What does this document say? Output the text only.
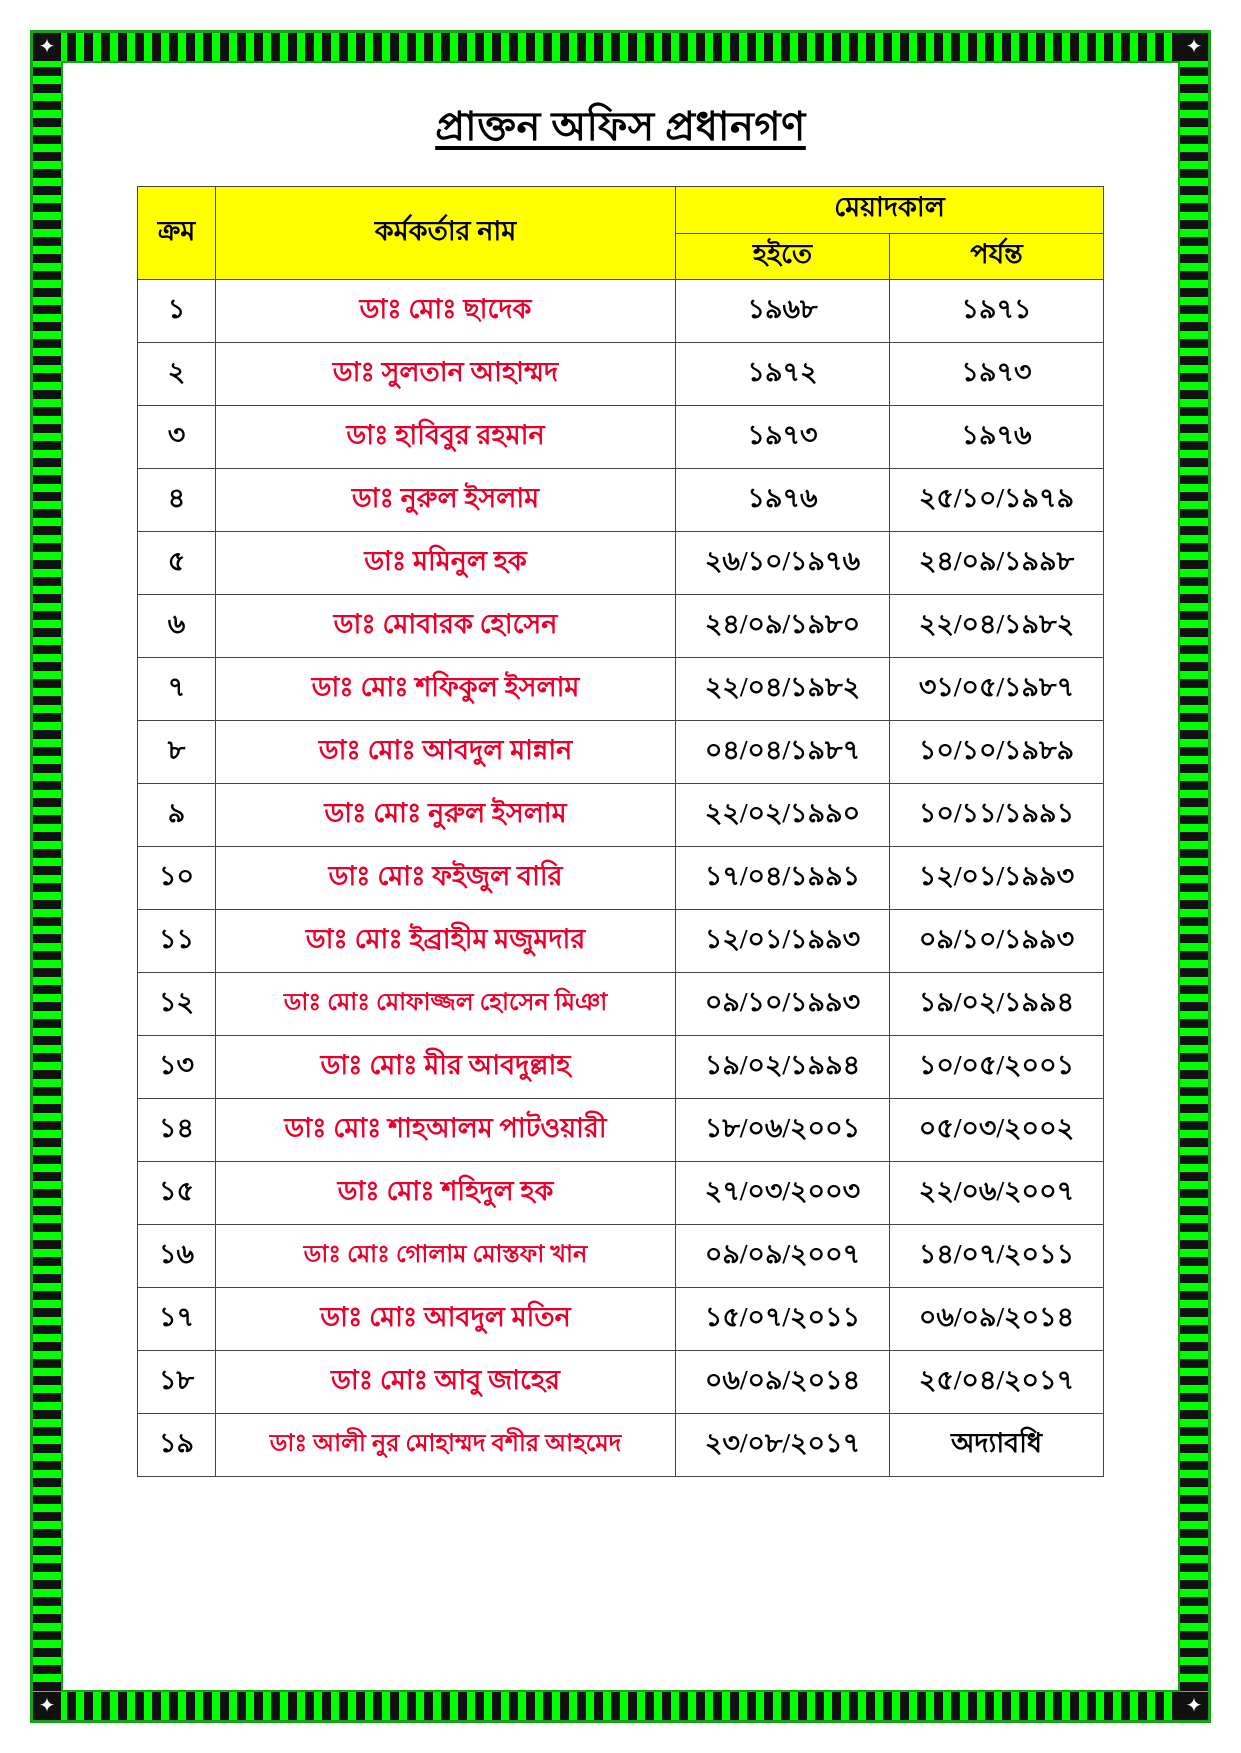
✦	✦
✦	✦
প্রাক্তন অফিস প্রধানগণ
ক্রম	কর্মকর্তার নাম	মেয়াদকাল	
		হইতে	পর্যন্ত
১	ডাঃ মোঃ ছাদেক	১৯৬৮	১৯৭১
২	ডাঃ সুলতান আহাম্মদ	১৯৭২	১৯৭৩
৩	ডাঃ হাবিবুর রহমান	১৯৭৩	১৯৭৬
৪	ডাঃ নুরুল ইসলাম	১৯৭৬	২৫/১০/১৯৭৯
৫	ডাঃ মমিনুল হক	২৬/১০/১৯৭৬	২৪/০৯/১৯৯৮
৬	ডাঃ মোবারক হোসেন	২৪/০৯/১৯৮০	২২/০৪/১৯৮২
৭	ডাঃ মোঃ শফিকুল ইসলাম	২২/০৪/১৯৮২	৩১/০৫/১৯৮৭
৮	ডাঃ মোঃ আবদুল মান্নান	০৪/০৪/১৯৮৭	১০/১০/১৯৮৯
৯	ডাঃ মোঃ নুরুল ইসলাম	২২/০২/১৯৯০	১০/১১/১৯৯১
১০	ডাঃ মোঃ ফইজুল বারি	১৭/০৪/১৯৯১	১২/০১/১৯৯৩
১১	ডাঃ মোঃ ইব্রাহীম মজুমদার	১২/০১/১৯৯৩	০৯/১০/১৯৯৩
১২	ডাঃ মোঃ মোফাজ্জল হোসেন মিঞা	০৯/১০/১৯৯৩	১৯/০২/১৯৯৪
১৩	ডাঃ মোঃ মীর আবদুল্লাহ	১৯/০২/১৯৯৪	১০/০৫/২০০১
১৪	ডাঃ মোঃ শাহআলম পাটওয়ারী	১৮/০৬/২০০১	০৫/০৩/২০০২
১৫	ডাঃ মোঃ শহিদুল হক	২৭/০৩/২০০৩	২২/০৬/২০০৭
১৬	ডাঃ মোঃ গোলাম মোস্তফা খান	০৯/০৯/২০০৭	১৪/০৭/২০১১
১৭	ডাঃ মোঃ আবদুল মতিন	১৫/০৭/২০১১	০৬/০৯/২০১৪
১৮	ডাঃ মোঃ আবু জাহের	০৬/০৯/২০১৪	২৫/০৪/২০১৭
১৯	ডাঃ আলী নুর মোহাম্মদ বশীর আহমেদ	২৩/০৮/২০১৭	অদ্যাবধি
